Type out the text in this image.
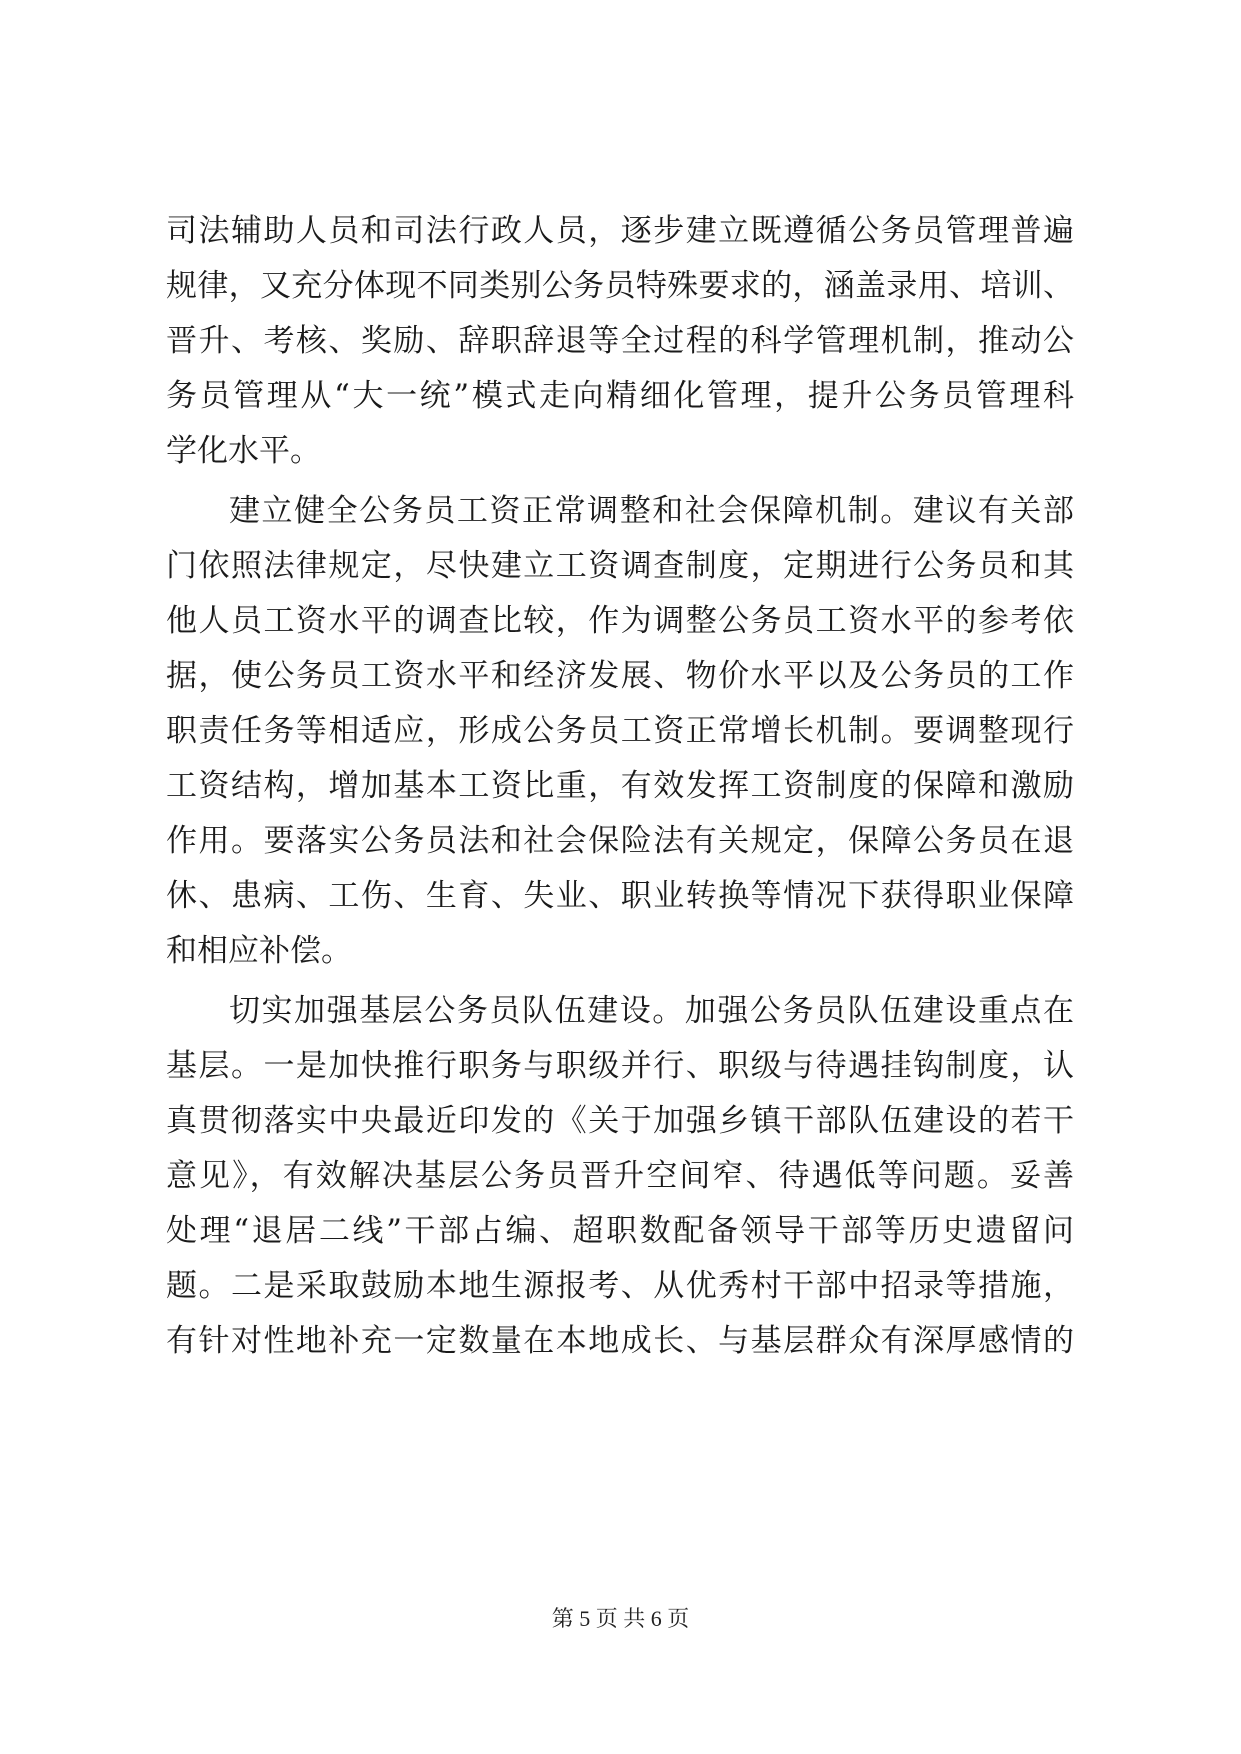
司法辅助人员和司法行政人员，逐步建立既遵循公务员管理普遍
规律，又充分体现不同类别公务员特殊要求的，涵盖录用、培训、
晋升、考核、奖励、辞职辞退等全过程的科学管理机制，推动公
务员管理从“大一统”模式走向精细化管理，提升公务员管理科
学化水平。
建立健全公务员工资正常调整和社会保障机制。建议有关部
门依照法律规定，尽快建立工资调查制度，定期进行公务员和其
他人员工资水平的调查比较，作为调整公务员工资水平的参考依
据，使公务员工资水平和经济发展、物价水平以及公务员的工作
职责任务等相适应，形成公务员工资正常增长机制。要调整现行
工资结构，增加基本工资比重，有效发挥工资制度的保障和激励
作用。要落实公务员法和社会保险法有关规定，保障公务员在退
休、患病、工伤、生育、失业、职业转换等情况下获得职业保障
和相应补偿。
切实加强基层公务员队伍建设。加强公务员队伍建设重点在
基层。一是加快推行职务与职级并行、职级与待遇挂钩制度，认
真贯彻落实中央最近印发的《关于加强乡镇干部队伍建设的若干
意见》，有效解决基层公务员晋升空间窄、待遇低等问题。妥善
处理“退居二线”干部占编、超职数配备领导干部等历史遗留问
题。二是采取鼓励本地生源报考、从优秀村干部中招录等措施，
有针对性地补充一定数量在本地成长、与基层群众有深厚感情的
第 5 页 共 6 页
